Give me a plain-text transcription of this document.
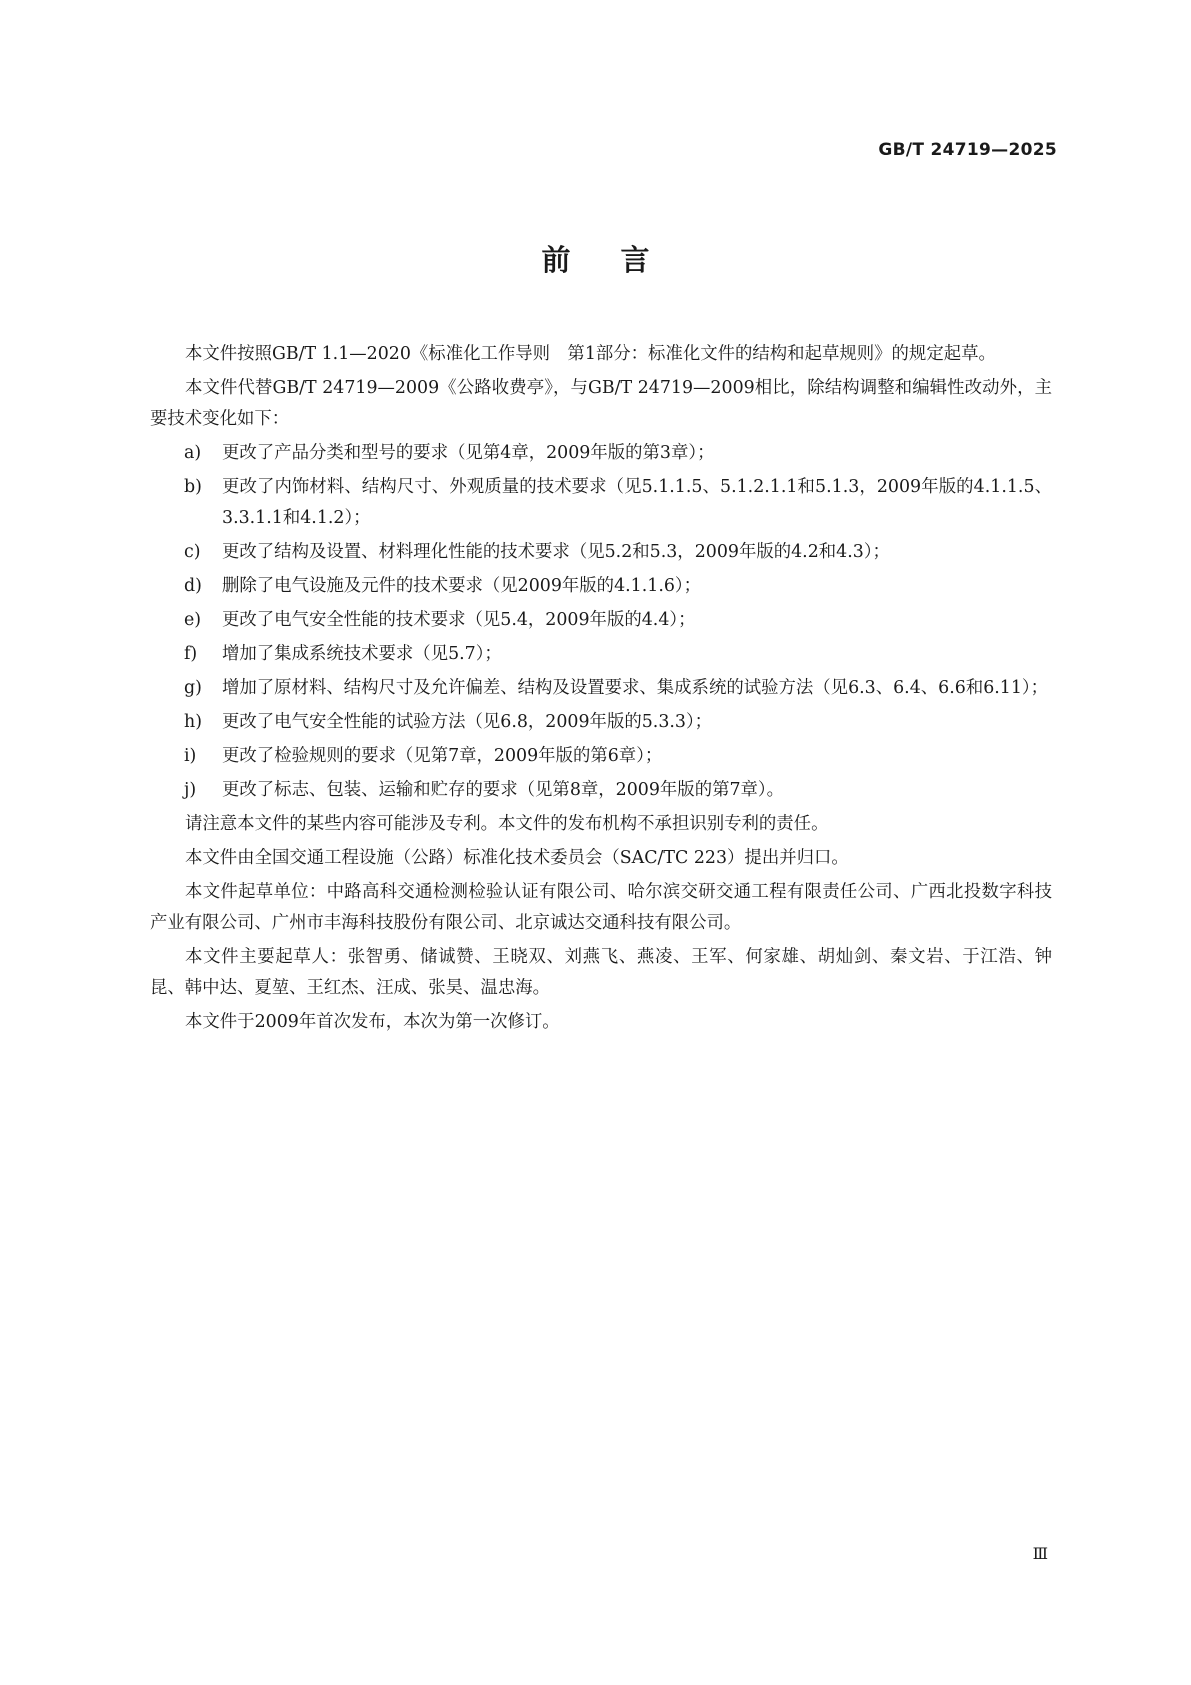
GB/T 24719—2025
前言

本文件按照GB/T 1.1—2020《标准化工作导则　第1部分：标准化文件的结构和起草规则》的规定起草。

本文件代替GB/T 24719—2009《公路收费亭》，与GB/T 24719—2009相比，除结构调整和编辑性改动外，主要技术变化如下：

a) 更改了产品分类和型号的要求（见第4章，2009年版的第3章）；
b) 更改了内饰材料、结构尺寸、外观质量的技术要求（见5.1.1.5、5.1.2.1.1和5.1.3，2009年版的4.1.1.5、3.3.1.1和4.1.2）；
c) 更改了结构及设置、材料理化性能的技术要求（见5.2和5.3，2009年版的4.2和4.3）；
d) 删除了电气设施及元件的技术要求（见2009年版的4.1.1.6）；
e) 更改了电气安全性能的技术要求（见5.4，2009年版的4.4）；
f) 增加了集成系统技术要求（见5.7）；
g) 增加了原材料、结构尺寸及允许偏差、结构及设置要求、集成系统的试验方法（见6.3、6.4、6.6和6.11）；
h) 更改了电气安全性能的试验方法（见6.8，2009年版的5.3.3）；
i) 更改了检验规则的要求（见第7章，2009年版的第6章）；
j) 更改了标志、包装、运输和贮存的要求（见第8章，2009年版的第7章）。

请注意本文件的某些内容可能涉及专利。本文件的发布机构不承担识别专利的责任。

本文件由全国交通工程设施（公路）标准化技术委员会（SAC/TC 223）提出并归口。

本文件起草单位：中路高科交通检测检验认证有限公司、哈尔滨交研交通工程有限责任公司、广西北投数字科技产业有限公司、广州市丰海科技股份有限公司、北京诚达交通科技有限公司。

本文件主要起草人：张智勇、储诚赞、王晓双、刘燕飞、燕凌、王军、何家雄、胡灿剑、秦文岩、于江浩、钟昆、韩中达、夏堃、王红杰、汪成、张昊、温忠海。

本文件于2009年首次发布，本次为第一次修订。

Ⅲ
